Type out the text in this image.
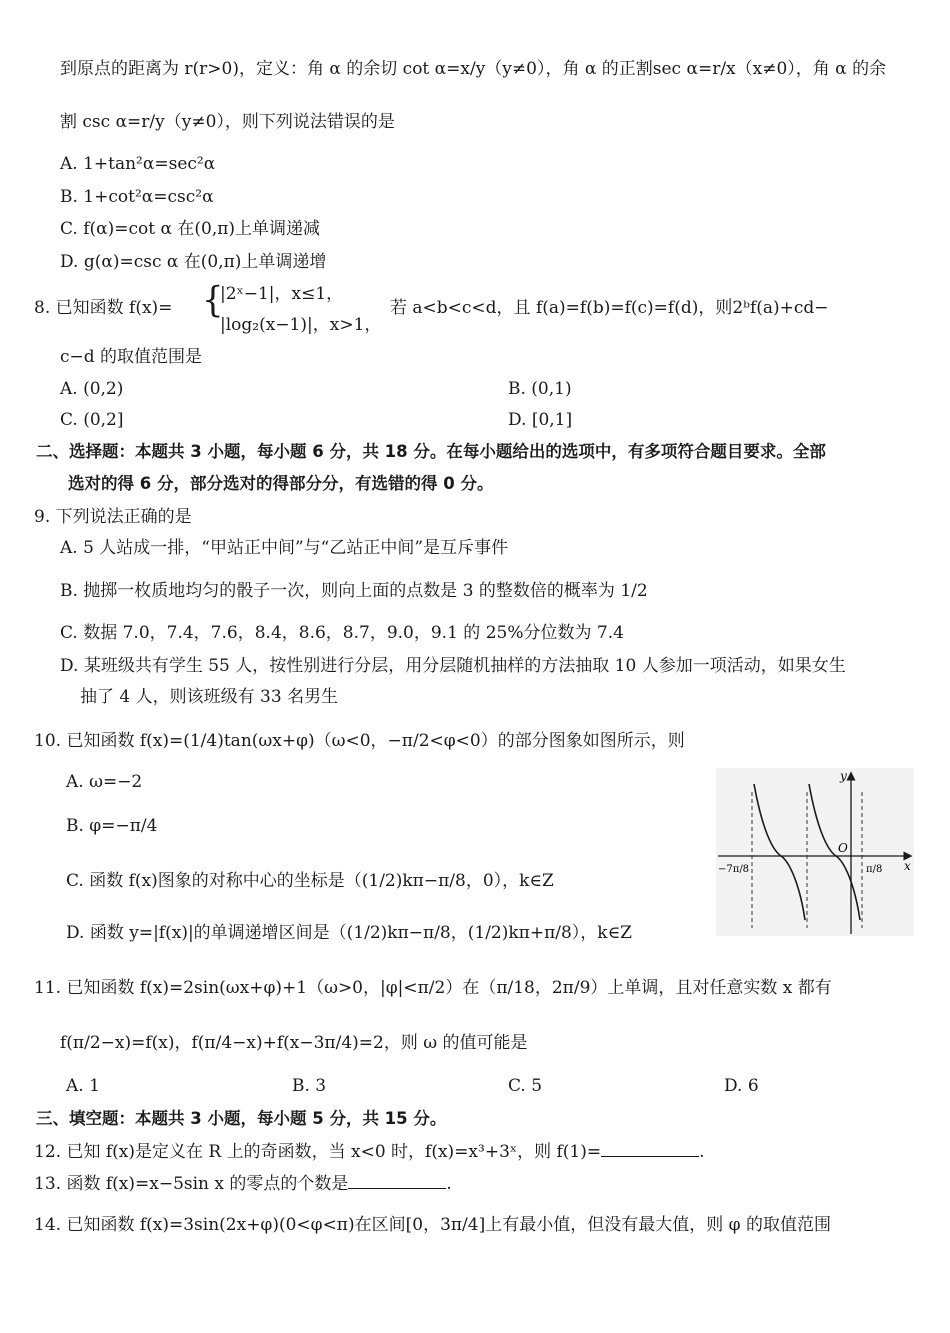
到原点的距离为 r(r>0)，定义：角 α 的余切 cot α=x/y（y≠0），角 α 的正割sec α=r/x（x≠0），角 α 的余
割 csc α=r/y（y≠0），则下列说法错误的是
A. 1+tan²α=sec²α
B. 1+cot²α=csc²α
C. f(α)=cot α 在(0,π)上单调递减
D. g(α)=csc α 在(0,π)上单调递增
8. 已知函数 f(x)= {
|2ˣ−1|，x≤1，
|log₂(x−1)|，x>1，
若 a<b<c<d，且 f(a)=f(b)=f(c)=f(d)，则2ᵇf(a)+cd−
c−d 的取值范围是
A. (0,2)	B. (0,1)
C. (0,2]	D. [0,1]
二、选择题：本题共 3 小题，每小题 6 分，共 18 分。在每小题给出的选项中，有多项符合题目要求。全部
选对的得 6 分，部分选对的得部分分，有选错的得 0 分。
9. 下列说法正确的是
A. 5 人站成一排，“甲站正中间”与“乙站正中间”是互斥事件
B. 抛掷一枚质地均匀的骰子一次，则向上面的点数是 3 的整数倍的概率为 1/2
C. 数据 7.0，7.4，7.6，8.4，8.6，8.7，9.0，9.1 的 25%分位数为 7.4
D. 某班级共有学生 55 人，按性别进行分层，用分层随机抽样的方法抽取 10 人参加一项活动，如果女生
抽了 4 人，则该班级有 33 名男生
10. 已知函数 f(x)=(1/4)tan(ωx+φ)（ω<0，−π/2<φ<0）的部分图象如图所示，则
A. ω=−2
B. φ=−π/4
C. 函数 f(x)图象的对称中心的坐标是（(1/2)kπ−π/8，0），k∈Z
D. 函数 y=|f(x)|的单调递增区间是（(1/2)kπ−π/8，(1/2)kπ+π/8），k∈Z
y
x
O
−7π/8	π/8
11. 已知函数 f(x)=2sin(ωx+φ)+1（ω>0，|φ|<π/2）在（π/18，2π/9）上单调，且对任意实数 x 都有
f(π/2−x)=f(x)，f(π/4−x)+f(x−3π/4)=2，则 ω 的值可能是
A. 1	B. 3	C. 5	D. 6
三、填空题：本题共 3 小题，每小题 5 分，共 15 分。
12. 已知 f(x)是定义在 R 上的奇函数，当 x<0 时，f(x)=x³+3ˣ，则 f(1)=	.
13. 函数 f(x)=x−5sin x 的零点的个数是	.
14. 已知函数 f(x)=3sin(2x+φ)(0<φ<π)在区间[0，3π/4]上有最小值，但没有最大值，则 φ 的取值范围
